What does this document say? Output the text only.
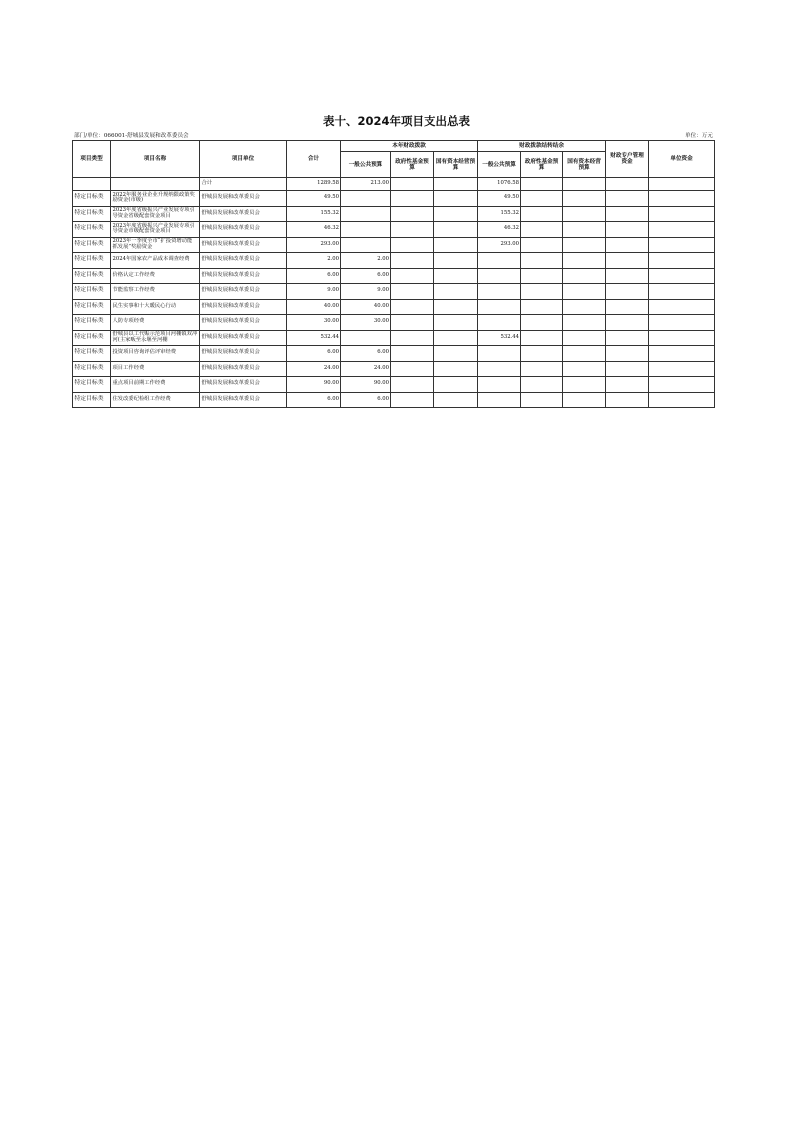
表十、2024年项目支出总表
部门/单位：066001-舒城县发展和改革委员会	单位：万元
项目类型	项目名称	项目单位	合计	本年财政拨款			财政拨款结转结余			财政专户管理资金	单位资金
				一般公共预算	政府性基金预算	国有资本经营预算	一般公共预算	政府性基金预算	国有资本经营预算		
		合计	1289.58	213.00			1076.58				
特定目标类	2022年服务业企业升规纳限政策奖励资金(市级)	舒城县发展和改革委员会	49.50				49.50				
特定目标类	2023年度省级振兴产业发展专项引导资金省级配套资金项目	舒城县发展和改革委员会	155.32				155.32				
特定目标类	2023年度省级振兴产业发展专项引导资金市级配套资金项目	舒城县发展和改革委员会	46.32				46.32				
特定目标类	2023年一季度全市“扩投资增动能抓发展”奖励资金	舒城县发展和改革委员会	293.00				293.00				
特定目标类	2024年国家农产品成本调查经费	舒城县发展和改革委员会	2.00	2.00							
特定目标类	价格认定工作经费	舒城县发展和改革委员会	6.00	6.00							
特定目标类	节能监察工作经费	舒城县发展和改革委员会	9.00	9.00							
特定目标类	民生实事和十大暖民心行动	舒城县发展和改革委员会	40.00	40.00							
特定目标类	人防专项经费	舒城县发展和改革委员会	30.00	30.00							
特定目标类	舒城县以工代赈示范项目河棚镇双冲河(主家畈至永堰至河棚	舒城县发展和改革委员会	532.44				532.44				
特定目标类	投资项目咨询评估评审经费	舒城县发展和改革委员会	6.00	6.00							
特定目标类	项目工作经费	舒城县发展和改革委员会	24.00	24.00							
特定目标类	重点项目前期工作经费	舒城县发展和改革委员会	90.00	90.00							
特定目标类	住发改委纪检组工作经费	舒城县发展和改革委员会	6.00	6.00							
